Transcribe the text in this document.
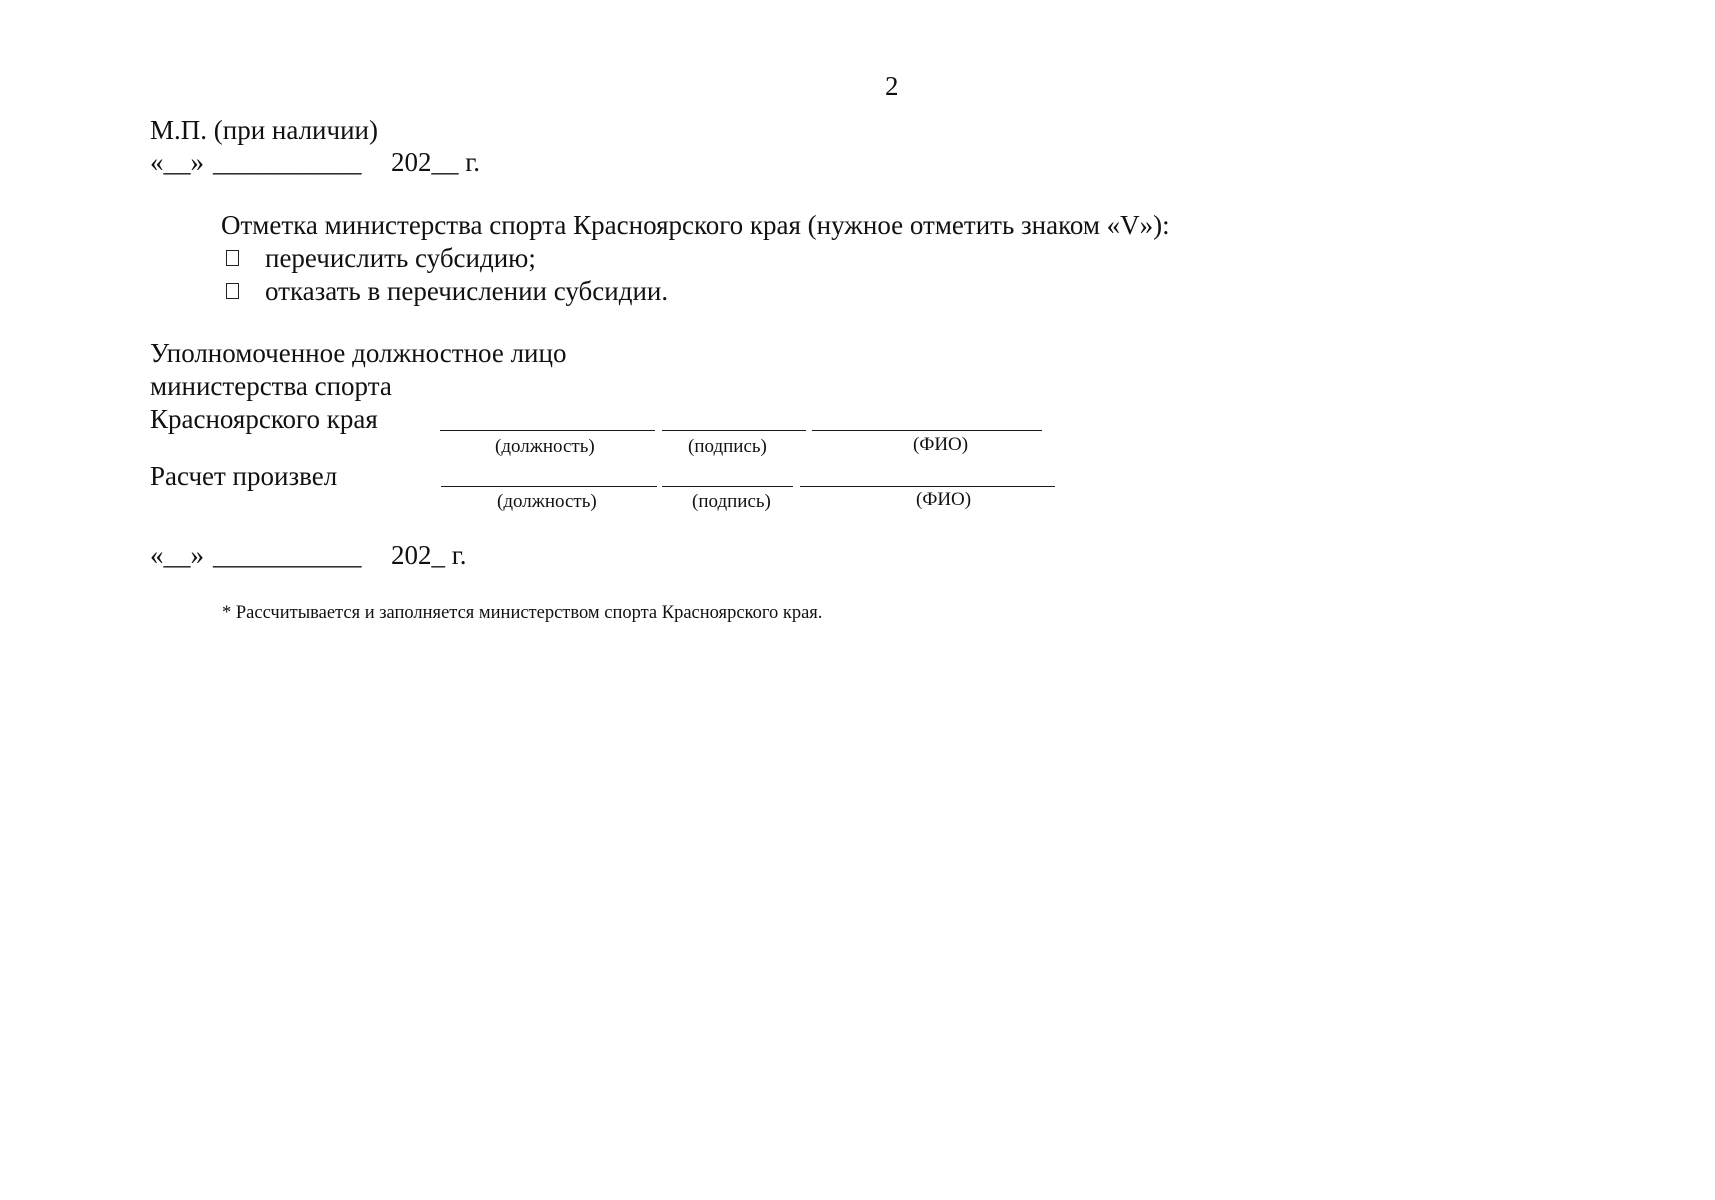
2
М.П. (при наличии)
«__» ___________ 202__ г.
Отметка министерства спорта Красноярского края (нужное отметить знаком «V»):
перечислить субсидию;
отказать в перечислении субсидии.
Уполномоченное должностное лицо
министерства спорта
Красноярского края
(должность)	(подпись)	(ФИО)
Расчет произвел
(должность)	(подпись)	(ФИО)
«__» ___________ 202_ г.
* Рассчитывается и заполняется министерством спорта Красноярского края.
